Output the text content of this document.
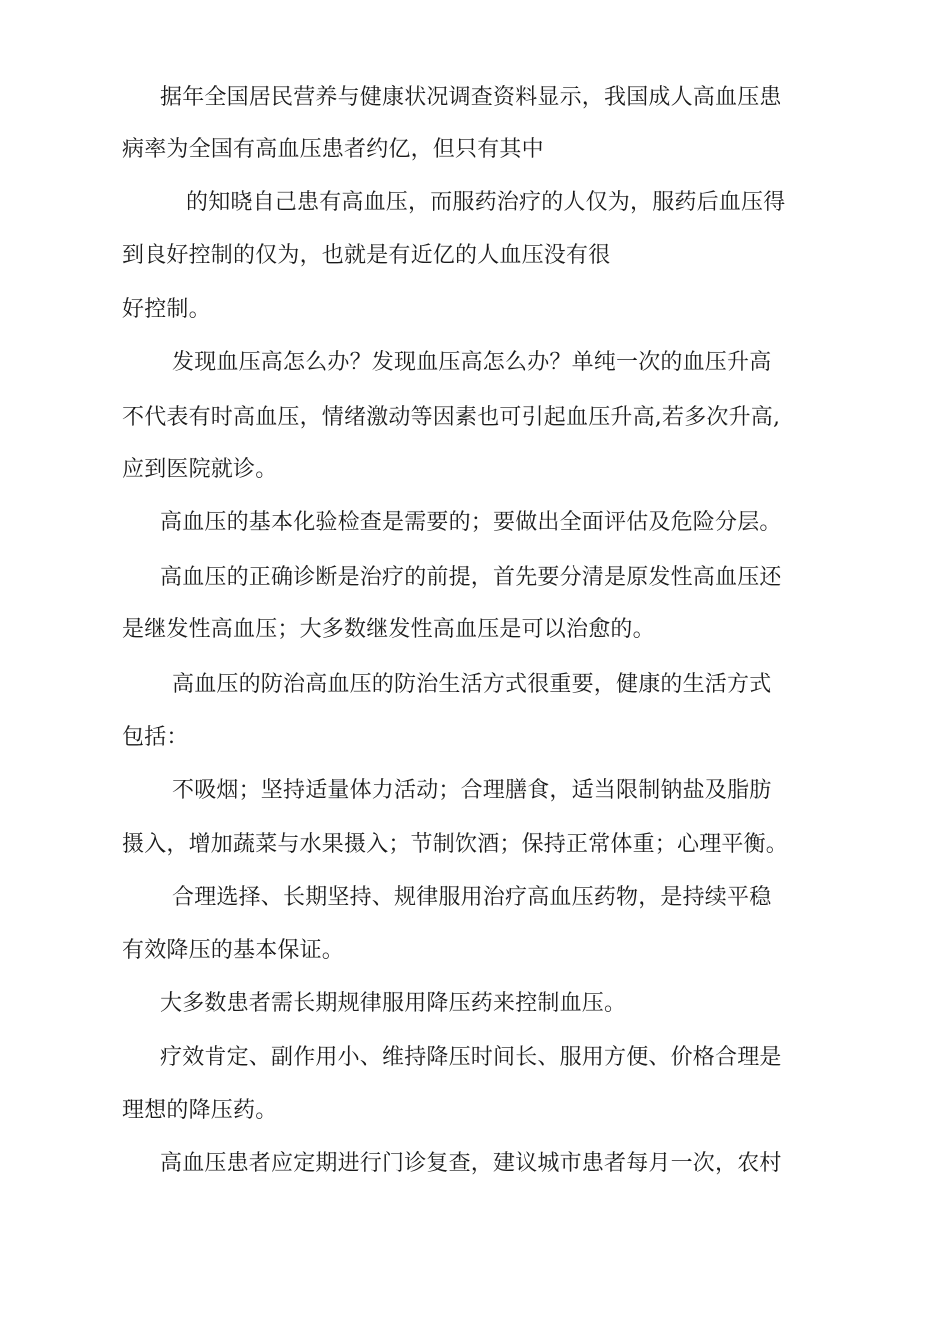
据年全国居民营养与健康状况调查资料显示，我国成人高血压患
病率为全国有高血压患者约亿，但只有其中
的知晓自己患有高血压，而服药治疗的人仅为，服药后血压得
到良好控制的仅为，也就是有近亿的人血压没有很
好控制。
发现血压高怎么办？发现血压高怎么办？单纯一次的血压升高
不代表有时高血压，情绪激动等因素也可引起血压升高,若多次升高,
应到医院就诊。
高血压的基本化验检查是需要的；要做出全面评估及危险分层。
高血压的正确诊断是治疗的前提，首先要分清是原发性高血压还
是继发性高血压；大多数继发性高血压是可以治愈的。
高血压的防治高血压的防治生活方式很重要，健康的生活方式
包括：
不吸烟；坚持适量体力活动；合理膳食，适当限制钠盐及脂肪
摄入，增加蔬菜与水果摄入；节制饮酒；保持正常体重；心理平衡。
合理选择、长期坚持、规律服用治疗高血压药物，是持续平稳
有效降压的基本保证。
大多数患者需长期规律服用降压药来控制血压。
疗效肯定、副作用小、维持降压时间长、服用方便、价格合理是
理想的降压药。
高血压患者应定期进行门诊复查，建议城市患者每月一次，农村
